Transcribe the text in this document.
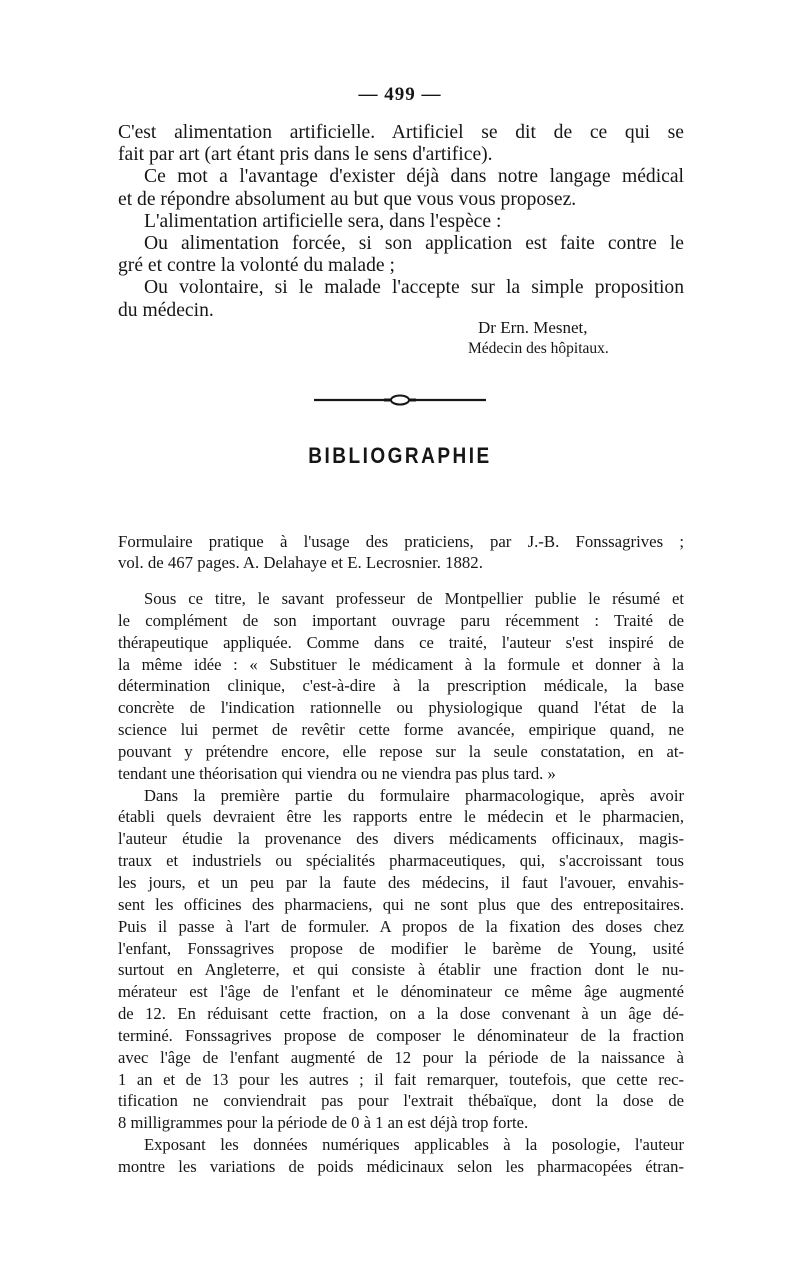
— 499 —
C'est alimentation artificielle. Artificiel se dit de ce qui se
fait par art (art étant pris dans le sens d'artifice).
Ce mot a l'avantage d'exister déjà dans notre langage médical
et de répondre absolument au but que vous vous proposez.
L'alimentation artificielle sera, dans l'espèce :
Ou alimentation forcée, si son application est faite contre le
gré et contre la volonté du malade ;
Ou volontaire, si le malade l'accepte sur la simple proposition
du médecin.
Dr Ern. Mesnet,
Médecin des hôpitaux.
BIBLIOGRAPHIE
Formulaire pratique à l'usage des praticiens, par J.-B. Fonssagrives ;
vol. de 467 pages. A. Delahaye et E. Lecrosnier. 1882.
Sous ce titre, le savant professeur de Montpellier publie le résumé et
le complément de son important ouvrage paru récemment : Traité de
thérapeutique appliquée. Comme dans ce traité, l'auteur s'est inspiré de
la même idée : « Substituer le médicament à la formule et donner à la
détermination clinique, c'est-à-dire à la prescription médicale, la base
concrète de l'indication rationnelle ou physiologique quand l'état de la
science lui permet de revêtir cette forme avancée, empirique quand, ne
pouvant y prétendre encore, elle repose sur la seule constatation, en at-
tendant une théorisation qui viendra ou ne viendra pas plus tard. »
Dans la première partie du formulaire pharmacologique, après avoir
établi quels devraient être les rapports entre le médecin et le pharmacien,
l'auteur étudie la provenance des divers médicaments officinaux, magis-
traux et industriels ou spécialités pharmaceutiques, qui, s'accroissant tous
les jours, et un peu par la faute des médecins, il faut l'avouer, envahis-
sent les officines des pharmaciens, qui ne sont plus que des entrepositaires.
Puis il passe à l'art de formuler. A propos de la fixation des doses chez
l'enfant, Fonssagrives propose de modifier le barème de Young, usité
surtout en Angleterre, et qui consiste à établir une fraction dont le nu-
mérateur est l'âge de l'enfant et le dénominateur ce même âge augmenté
de 12. En réduisant cette fraction, on a la dose convenant à un âge dé-
terminé. Fonssagrives propose de composer le dénominateur de la fraction
avec l'âge de l'enfant augmenté de 12 pour la période de la naissance à
1 an et de 13 pour les autres ; il fait remarquer, toutefois, que cette rec-
tification ne conviendrait pas pour l'extrait thébaïque, dont la dose de
8 milligrammes pour la période de 0 à 1 an est déjà trop forte.
Exposant les données numériques applicables à la posologie, l'auteur
montre les variations de poids médicinaux selon les pharmacopées étran-
